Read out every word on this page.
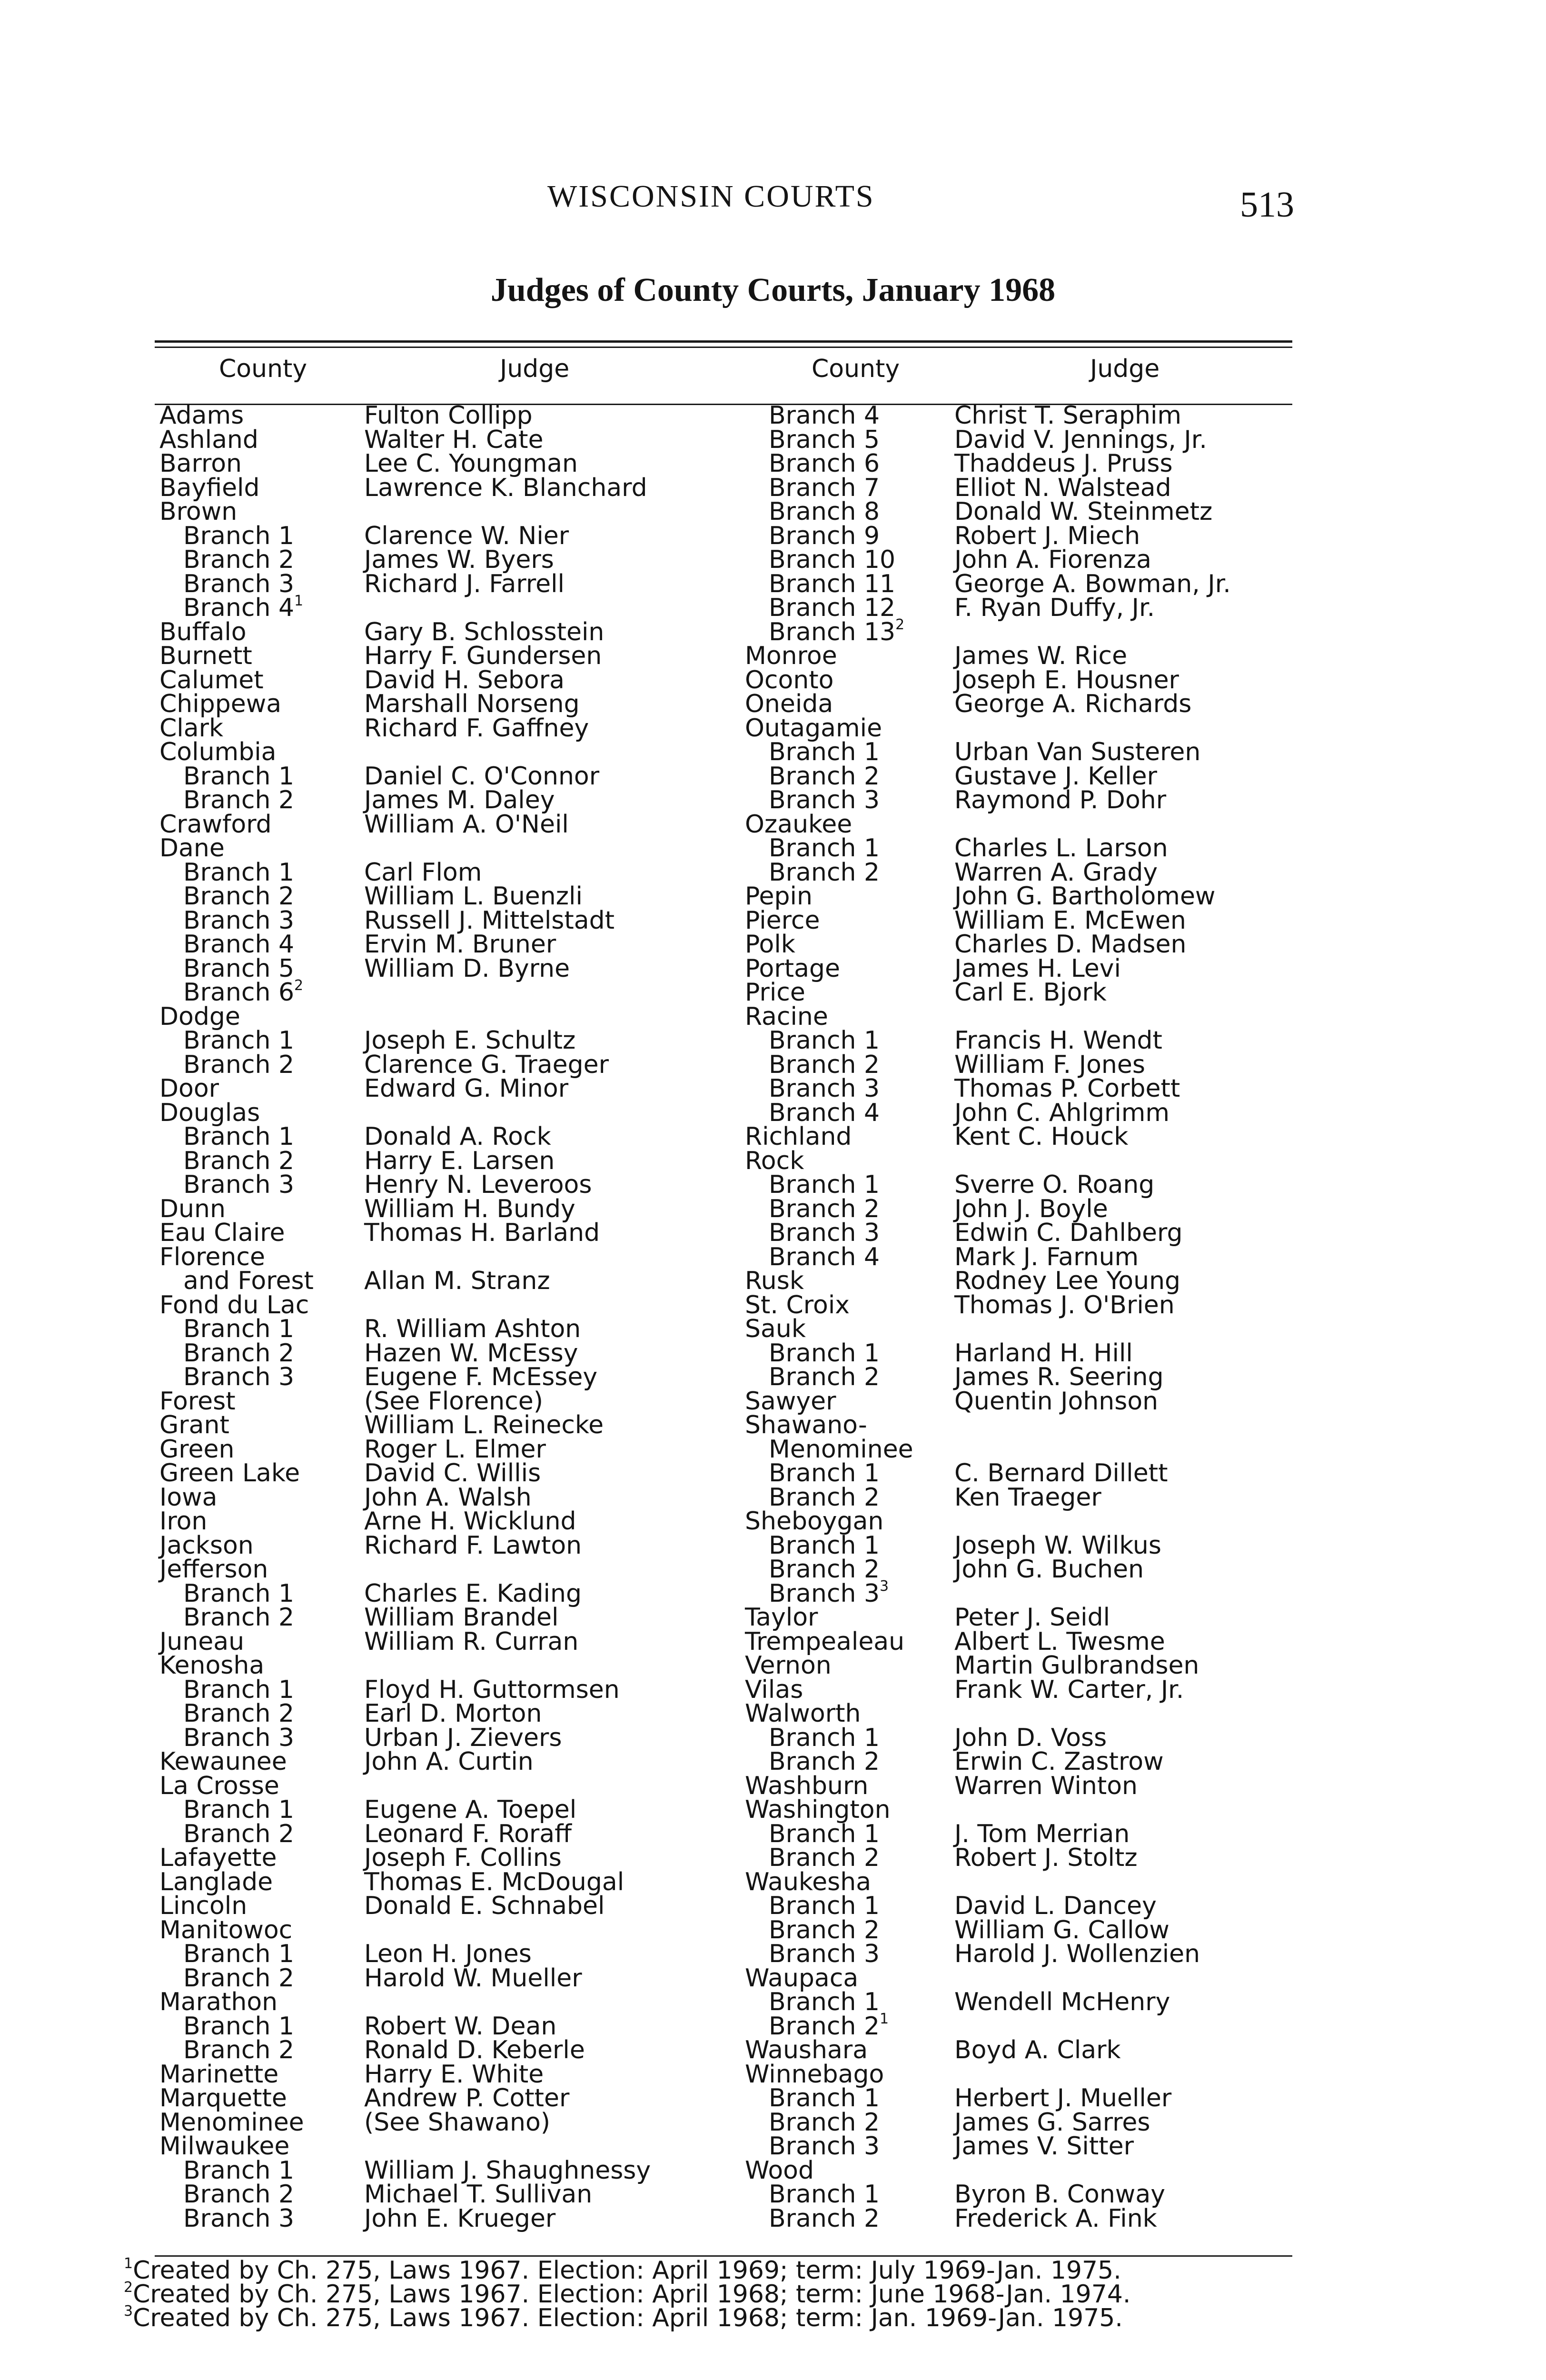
WISCONSIN COURTS	513
Judges of County Courts, January 1968
County	Judge	County	Judge
Adams	Fulton Collipp
Ashland	Walter H. Cate
Barron	Lee C. Youngman
Bayfield	Lawrence K. Blanchard
Brown
Branch 1	Clarence W. Nier
Branch 2	James W. Byers
Branch 3	Richard J. Farrell
Branch $4^1$
Buffalo	Gary B. Schlosstein
Burnett	Harry F. Gundersen
Calumet	David H. Sebora
Chippewa	Marshall Norseng
Clark	Richard F. Gaffney
Columbia
Branch 1	Daniel C. O'Connor
Branch 2	James M. Daley
Crawford	William A. O'Neil
Dane
Branch 1	Carl Flom
Branch 2	William L. Buenzli
Branch 3	Russell J. Mittelstadt
Branch 4	Ervin M. Bruner
Branch 5	William D. Byrne
Branch $6^2$
Dodge
Branch 1	Joseph E. Schultz
Branch 2	Clarence G. Traeger
Door	Edward G. Minor
Douglas
Branch 1	Donald A. Rock
Branch 2	Harry E. Larsen
Branch 3	Henry N. Leveroos
Dunn	William H. Bundy
Eau Claire	Thomas H. Barland
Florence
and Forest Allan M. Stranz
Fond du Lac
Branch 1	R. William Ashton
Branch 2	Hazen W. McEssy
Branch 3	Eugene F. McEssey
Forest	(See Florence)
Grant	William L. Reinecke
Green	Roger L. Elmer
Green Lake	David C. Willis
Iowa	John A. Walsh
Iron	Arne H. Wicklund
Jackson	Richard F. Lawton
Jefferson
Branch 1	Charles E. Kading
Branch 2	William Brandel
Juneau	William R. Curran
Kenosha
Branch 1	Floyd H. Guttormsen
Branch 2	Earl D. Morton
Branch 3	Urban J. Zievers
Kewaunee	John A. Curtin
La Crosse
Branch 1	Eugene A. Toepel
Branch 2	Leonard F. Roraff
Lafayette	Joseph F. Collins
Langlade	Thomas E. McDougal
Lincoln	Donald E. Schnabel
Manitowoc
Branch 1	Leon H. Jones
Branch 2	Harold W. Mueller
Marathon
Branch 1	Robert W. Dean
Branch 2	Ronald D. Keberle
Marinette	Harry E. White
Marquette	Andrew P. Cotter
Menominee (See Shawano)
Milwaukee
Branch 1	William J. Shaughnessy
Branch 2	Michael T. Sullivan
Branch 3	John E. Krueger
Branch 4	Christ T. Seraphim
Branch 5	David V. Jennings, Jr.
Branch 6	Thaddeus J. Pruss
Branch 7	Elliot N. Walstead
Branch 8	Donald W. Steinmetz
Branch 9	Robert J. Miech
Branch 10 John A. Fiorenza
Branch 11 George A. Bowman, Jr.
Branch 12 F. Ryan Duffy, Jr.
Branch $13^2$
Monroe	James W. Rice
Oconto	Joseph E. Housner
Oneida	George A. Richards
Outagamie
Branch 1	Urban Van Susteren
Branch 2	Gustave J. Keller
Branch 3	Raymond P. Dohr
Ozaukee
Branch 1	Charles L. Larson
Branch 2	Warren A. Grady
Pepin	John G. Bartholomew
Pierce	William E. McEwen
Polk	Charles D. Madsen
Portage	James H. Levi
Price	Carl E. Bjork
Racine
Branch 1	Francis H. Wendt
Branch 2	William F. Jones
Branch 3	Thomas P. Corbett
Branch 4	John C. Ahlgrimm
Richland	Kent C. Houck
Rock
Branch 1	Sverre O. Roang
Branch 2	John J. Boyle
Branch 3	Edwin C. Dahlberg
Branch 4	Mark J. Farnum
Rusk	Rodney Lee Young
St. Croix	Thomas J. O'Brien
Sauk
Branch 1	Harland H. Hill
Branch 2	James R. Seering
Sawyer	Quentin Johnson
Shawano-
Menominee
Branch 1	C. Bernard Dillett
Branch 2	Ken Traeger
Sheboygan
Branch 1	Joseph W. Wilkus
Branch 2	John G. Buchen
Branch $3^3$
Taylor	Peter J. Seidl
Trempealeau Albert L. Twesme
Vernon	Martin Gulbrandsen
Vilas	Frank W. Carter, Jr.
Walworth
Branch 1	John D. Voss
Branch 2	Erwin C. Zastrow
Washburn	Warren Winton
Washington
Branch 1	J. Tom Merrian
Branch 2	Robert J. Stoltz
Waukesha
Branch 1	David L. Dancey
Branch 2	William G. Callow
Branch 3	Harold J. Wollenzien
Waupaca
Branch 1	Wendell McHenry
Branch $2^1$
Waushara	Boyd A. Clark
Winnebago
Branch 1	Herbert J. Mueller
Branch 2	James G. Sarres
Branch 3	James V. Sitter
Wood
Branch 1	Byron B. Conway
Branch 2	Frederick A. Fink
$^1$Created by Ch. 275, Laws 1967. Election: April 1969; term: July 1969-Jan. 1975.
$^2$Created by Ch. 275, Laws 1967. Election: April 1968; term: June 1968-Jan. 1974.
$^3$Created by Ch. 275, Laws 1967. Election: April 1968; term: Jan. 1969-Jan. 1975.
